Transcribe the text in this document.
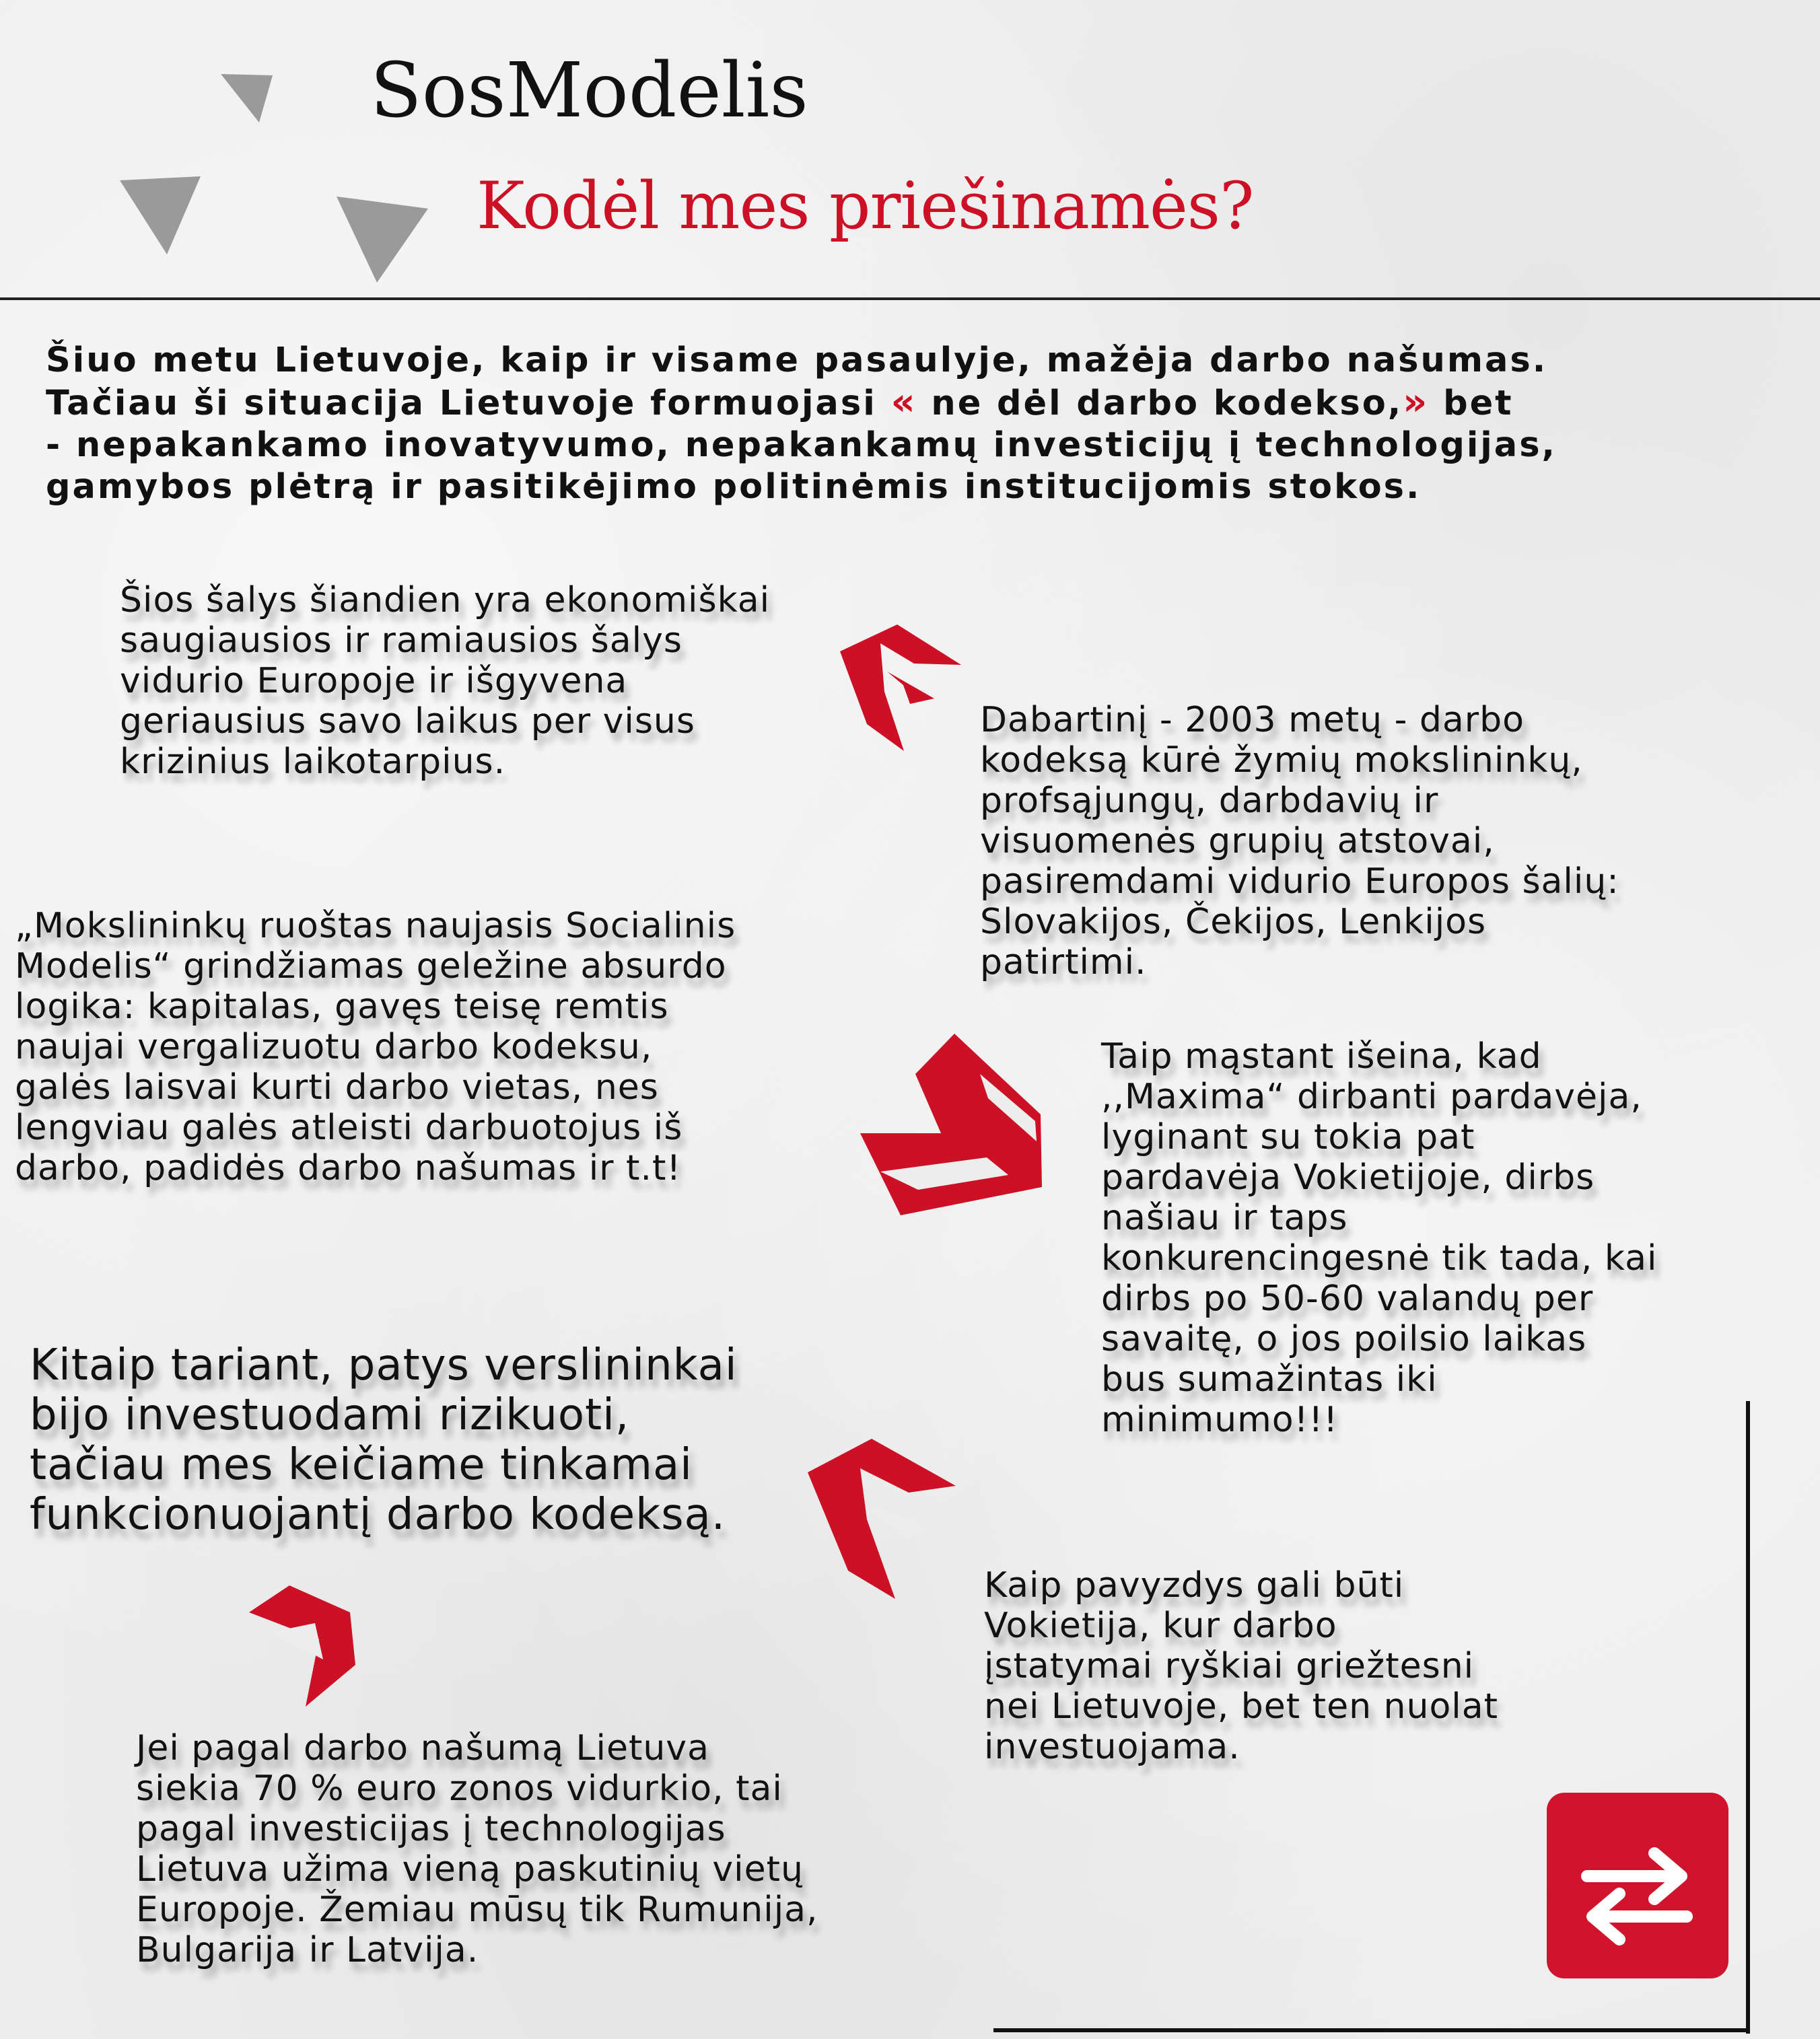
SosModelis
Kodėl mes priešinamės?
Šiuo metu Lietuvoje, kaip ir visame pasaulyje, mažėja darbo našumas.
Tačiau ši situacija Lietuvoje formuojasi « ne dėl darbo kodekso,» bet
- nepakankamo inovatyvumo, nepakankamų investicijų į technologijas,
gamybos plėtrą ir pasitikėjimo politinėmis institucijomis stokos.
Šios šalys šiandien yra ekonomiškai
saugiausios ir ramiausios šalys
vidurio Europoje ir išgyvena
geriausius savo laikus per visus
krizinius laikotarpius.
Dabartinį - 2003 metų - darbo
kodeksą kūrė žymių mokslininkų,
profsąjungų, darbdavių ir
visuomenės grupių atstovai,
pasiremdami vidurio Europos šalių:
Slovakijos, Čekijos, Lenkijos
patirtimi.
„Mokslininkų ruoštas naujasis Socialinis
Modelis“ grindžiamas geležine absurdo
logika: kapitalas, gavęs teisę remtis
naujai vergalizuotu darbo kodeksu,
galės laisvai kurti darbo vietas, nes
lengviau galės atleisti darbuotojus iš
darbo, padidės darbo našumas ir t.t!
Taip mąstant išeina, kad
,,Maxima“ dirbanti pardavėja,
lyginant su tokia pat
pardavėja Vokietijoje, dirbs
našiau ir taps
konkurencingesnė tik tada, kai
dirbs po 50-60 valandų per
savaitę, o jos poilsio laikas
bus sumažintas iki
minimumo!!!
Kitaip tariant, patys verslininkai
bijo investuodami rizikuoti,
tačiau mes keičiame tinkamai
funkcionuojantį darbo kodeksą.
Kaip pavyzdys gali būti
Vokietija, kur darbo
įstatymai ryškiai griežtesni
nei Lietuvoje, bet ten nuolat
investuojama.
Jei pagal darbo našumą Lietuva
siekia 70 % euro zonos vidurkio, tai
pagal investicijas į technologijas
Lietuva užima vieną paskutinių vietų
Europoje. Žemiau mūsų tik Rumunija,
Bulgarija ir Latvija.
